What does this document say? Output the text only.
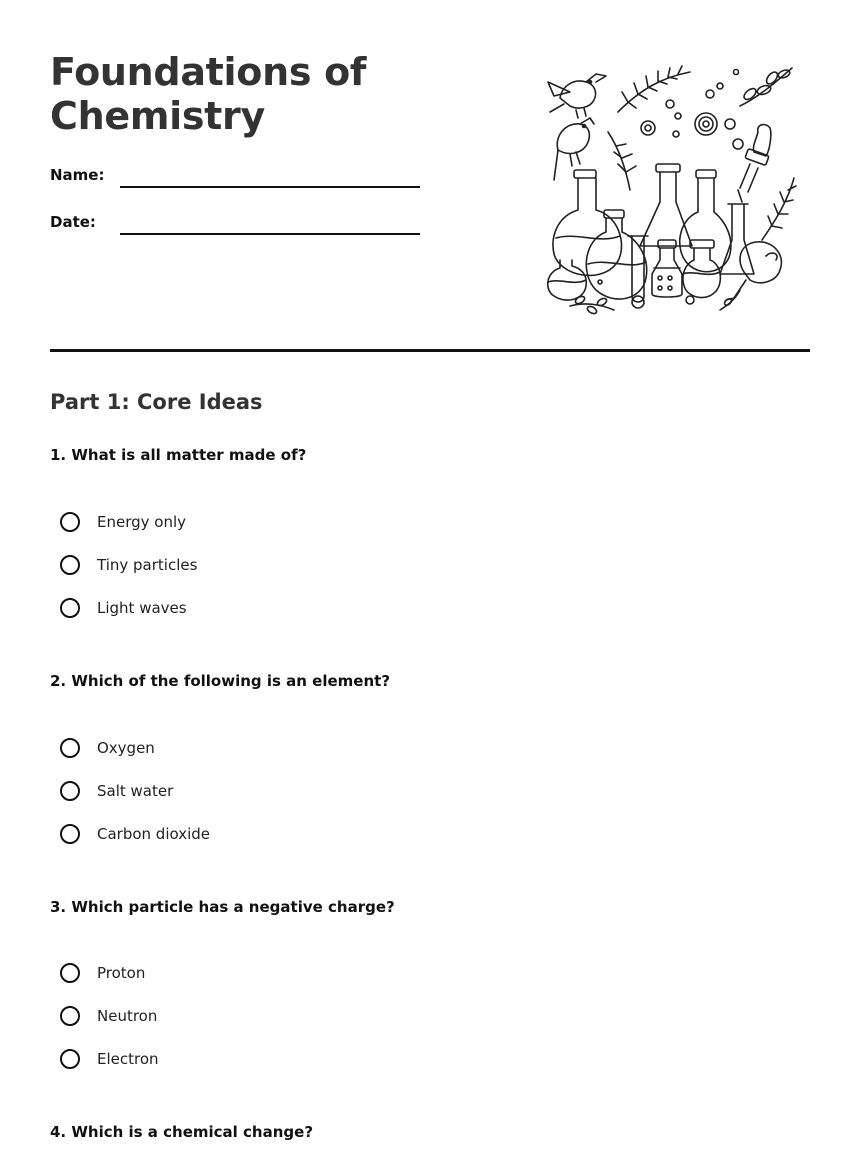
Foundations of
Chemistry
Name:
Date:
Part 1: Core Ideas
1. What is all matter made of?
Energy only
Tiny particles
Light waves
2. Which of the following is an element?
Oxygen
Salt water
Carbon dioxide
3. Which particle has a negative charge?
Proton
Neutron
Electron
4. Which is a chemical change?
